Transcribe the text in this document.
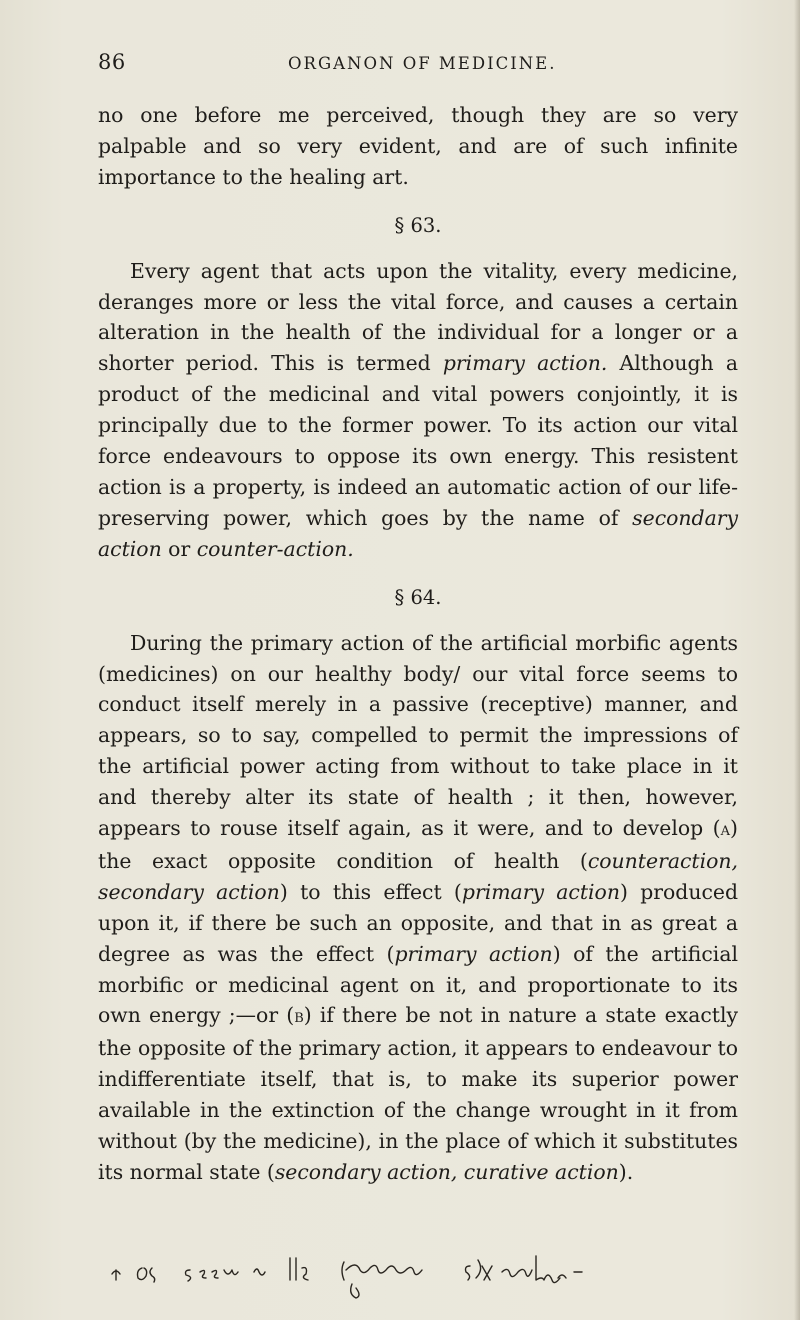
86	ORGANON OF MEDICINE.

no one before me perceived, though they are so very palpable and so very evident, and are of such infinite importance to the healing art.

§ 63.

Every agent that acts upon the vitality, every medicine, deranges more or less the vital force, and causes a certain alteration in the health of the individual for a longer or a shorter period. This is termed primary action. Although a product of the medicinal and vital powers conjointly, it is principally due to the former power. To its action our vital force endeavours to oppose its own energy. This resistent action is a property, is indeed an automatic action of our life-preserving power, which goes by the name of secondary action or counter-action.

§ 64.

During the primary action of the artificial morbific agents (medicines) on our healthy body/ our vital force seems to conduct itself merely in a passive (receptive) manner, and appears, so to say, compelled to permit the impressions of the artificial power acting from without to take place in it and thereby alter its state of health ; it then, however, appears to rouse itself again, as it were, and to develop (a) the exact opposite condition of health (counteraction, secondary action) to this effect (primary action) produced upon it, if there be such an opposite, and that in as great a degree as was the effect (primary action) of the artificial morbific or medicinal agent on it, and proportionate to its own energy ;—or (b) if there be not in nature a state exactly the opposite of the primary action, it appears to endeavour to indifferentiate itself, that is, to make its superior power available in the extinction of the change wrought in it from without (by the medicine), in the place of which it substitutes its normal state (secondary action, curative action).
